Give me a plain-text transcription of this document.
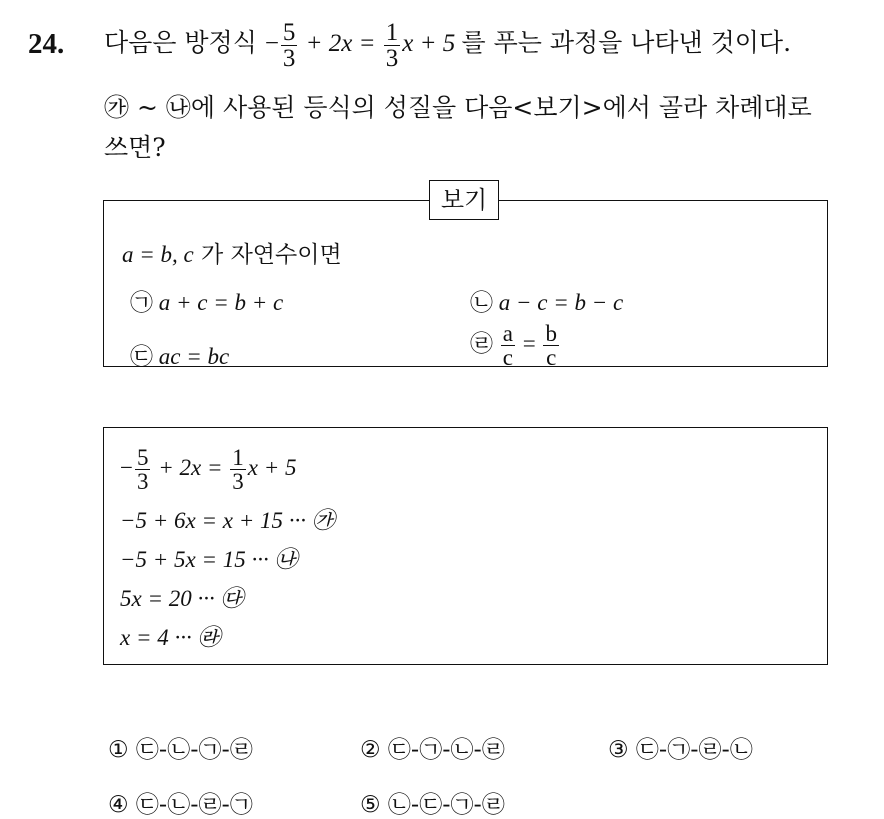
24. 다음은 방정식 − $\frac{5}{3} + 2x = \frac{1}{3}$ x + 5 를 푸는 과정을 나타낸 것이다.
㉮ ~ ㉯에 사용된 등식의 성질을 다음<보기>에서 골라 차례대로
쓰면?
보기
a = b, c 가 자연수이면
㉠ a + c = b + c	㉡ a − c = b − c
㉢ ac = bc
㉣ $\frac{a}{c} = \frac{b}{c}$
− $\frac{5}{3} + 2x = \frac{1}{3}$ x + 5
−5 + 6x = x + 15 ··· ㉮
−5 + 5x = 15 ··· ㉯
5x = 20 ··· ㉰
x = 4 ··· ㉱
① ㉢-㉡-㉠-㉣	② ㉢-㉠-㉡-㉣	③ ㉢-㉠-㉣-㉡
④ ㉢-㉡-㉣-㉠	⑤ ㉡-㉢-㉠-㉣
